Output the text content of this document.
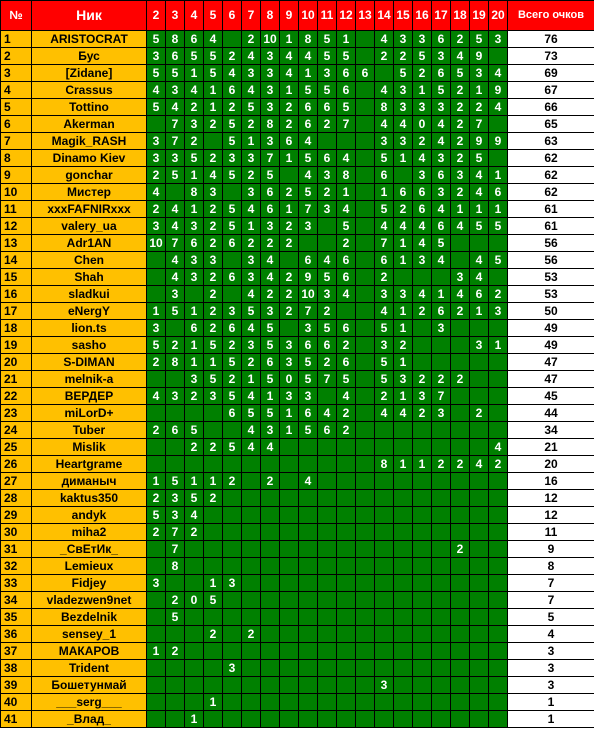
№	Ник	2	3	4	5	6	7	8	9	10	11	12	13	14	15	16	17	18	19	20	Всего очков
1	ARISTOCRAT	5	8	6	4		2	10	1	8	5	1		4	3	3	6	2	5	3	76
2	Бус	3	6	5	5	2	4	3	4	4	5	5		2	2	5	3	4	9		73
3	[Zidane]	5	5	1	5	4	3	3	4	1	3	6	6		5	2	6	5	3	4	69
4	Crassus	4	3	4	1	6	4	3	1	5	5	6		4	3	1	5	2	1	9	67
5	Tottino	5	4	2	1	2	5	3	2	6	6	5		8	3	3	3	2	2	4	66
6	Akerman		7	3	2	5	2	8	2	6	2	7		4	4	0	4	2	7		65
7	Magik_RASH	3	7	2		5	1	3	6	4				3	3	2	4	2	9	9	63
8	Dinamo Kiev	3	3	5	2	3	3	7	1	5	6	4		5	1	4	3	2	5		62
9	gonchar	2	5	1	4	5	2	5		4	3	8		6		3	6	3	4	1	62
10	Мистер	4		8	3		3	6	2	5	2	1		1	6	6	3	2	4	6	62
11	xxxFAFNIRxxx	2	4	1	2	5	4	6	1	7	3	4		5	2	6	4	1	1	1	61
12	valery_ua	3	4	3	2	5	1	3	2	3		5		4	4	4	6	4	5	5	61
13	Adr1AN	10	7	6	2	6	2	2	2			2		7	1	4	5				56
14	Chen		4	3	3		3	4		6	4	6		6	1	3	4		4	5	56
15	Shah		4	3	2	6	3	4	2	9	5	6		2				3	4		53
16	sladkui		3		2		4	2	2	10	3	4		3	3	4	1	4	6	2	53
17	eNergY	1	5	1	2	3	5	3	2	7	2			4	1	2	6	2	1	3	50
18	lion.ts	3		6	2	6	4	5		3	5	6		5	1		3				49
19	sasho	5	2	1	5	2	3	5	3	6	6	2		3	2				3	1	49
20	S-DIMAN	2	8	1	1	5	2	6	3	5	2	6		5	1						47
21	melnik-a			3	5	2	1	5	0	5	7	5		5	3	2	2	2			47
22	ВЕРДЕР	4	3	2	3	5	4	1	3	3		4		2	1	3	7				45
23	miLorD+					6	5	5	1	6	4	2		4	4	2	3		2		44
24	Tuber	2	6	5			4	3	1	5	6	2									34
25	Mislik			2	2	5	4	4												4	21
26	Heartgrame													8	1	1	2	2	4	2	20
27	диманыч	1	5	1	1	2		2		4											16
28	kaktus350	2	3	5	2																12
29	andyk	5	3	4																	12
30	miha2	2	7	2																	11
31	_СвЕтИк_		7															2			9
32	Lemieux		8																		8
33	Fidjey	3			1	3															7
34	vladezwen9net		2	0	5																7
35	Bezdelnik		5																		5
36	sensey_1				2		2														4
37	МАКАРОВ	1	2																		3
38	Trident					3															3
39	Бошетунмай													3							3
40	___serg___				1																1
41	_Влад_			1																	1
